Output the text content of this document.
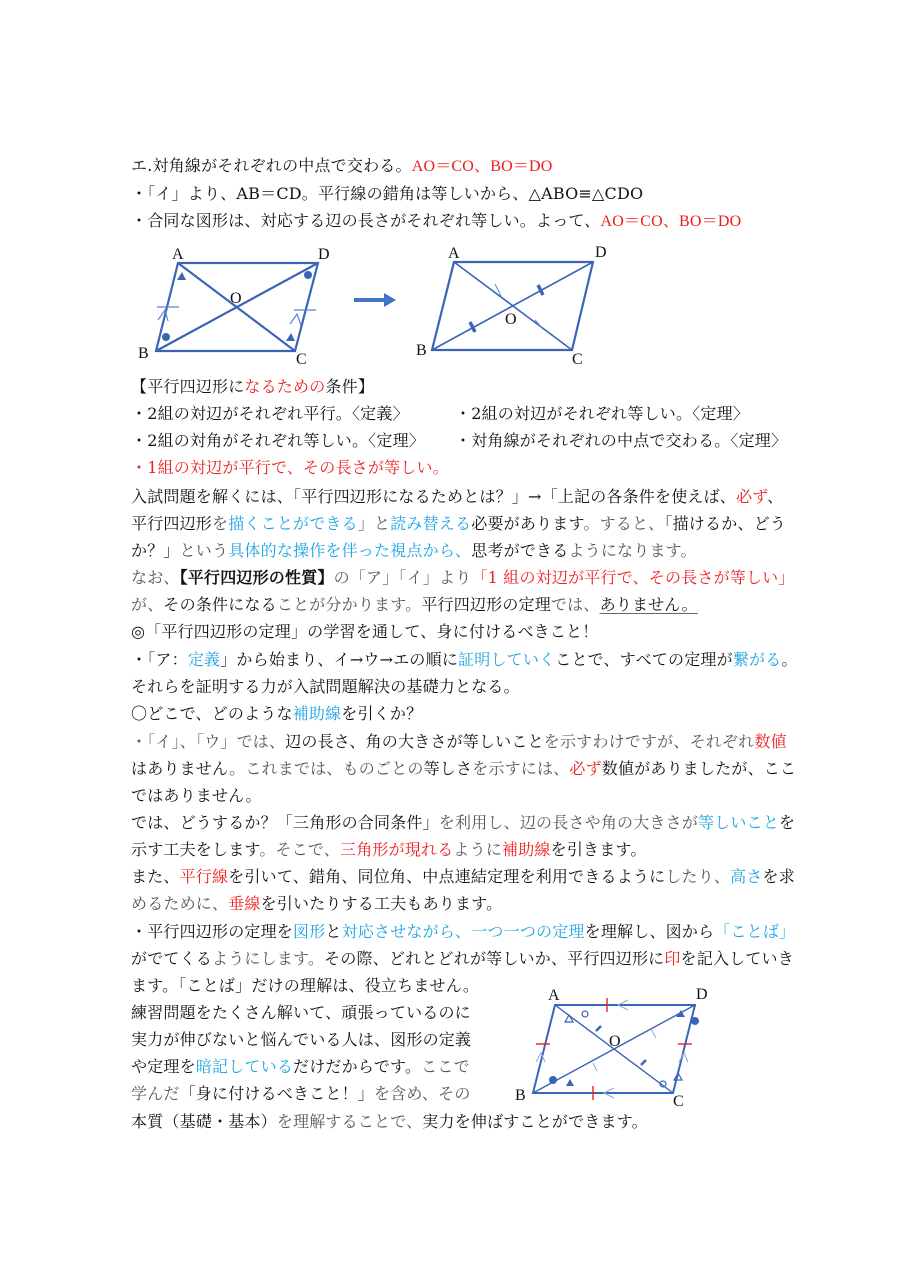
エ.対角線がそれぞれの中点で交わる。AO＝CO、BO＝DO
・「イ」より、AB＝CD。平行線の錯角は等しいから、△ABO≡△CDO
・合同な図形は、対応する辺の長さがそれぞれ等しい。よって、AO＝CO、BO＝DO
A	D
B	C
O
A	D
B
C
O
【平行四辺形になるための条件】
・2組の対辺がそれぞれ平行。〈定義〉	・2組の対辺がそれぞれ等しい。〈定理〉
・2組の対角がそれぞれ等しい。〈定理〉 ・対角線がそれぞれの中点で交わる。〈定理〉
・1組の対辺が平行で、その長さが等しい。
入試問題を解くには、「平行四辺形になるためとは？」→「上記の各条件を使えば、必ず、
平行四辺形を描くことができる」と読み替える必要があります。すると、「描けるか、どう
か？」という具体的な操作を伴った視点から、思考ができるようになります。
なお、【平行四辺形の性質】の「ア」「イ」より「1 組の対辺が平行で、その長さが等しい」
が、その条件になることが分かります。平行四辺形の定理では、ありません。
◎「平行四辺形の定理」の学習を通して、身に付けるべきこと！
・「ア：定義」から始まり、イ→ウ→エの順に証明していくことで、すべての定理が繋がる。
それらを証明する力が入試問題解決の基礎力となる。
〇どこで、どのような補助線を引くか？
・「イ」、「ウ」では、辺の長さ、角の大きさが等しいことを示すわけですが、それぞれ数値
はありません。これまでは、ものごとの等しさを示すには、必ず数値がありましたが、ここ
ではありません。
では、どうするか？「三角形の合同条件」を利用し、辺の長さや角の大きさが等しいことを
示す工夫をします。そこで、三角形が現れるように補助線を引きます。
また、平行線を引いて、錯角、同位角、中点連結定理を利用できるようにしたり、高さを求
めるために、垂線を引いたりする工夫もあります。
・平行四辺形の定理を図形と対応させながら、一つ一つの定理を理解し、図から「ことば」
がでてくるようにします。その際、どれとどれが等しいか、平行四辺形に印を記入していき
ます。「ことば」だけの理解は、役立ちません。
練習問題をたくさん解いて、頑張っているのに
実力が伸びないと悩んでいる人は、図形の定義
や定理を暗記しているだけだからです。ここで
学んだ「身に付けるべきこと！」を含め、その
本質（基礎・基本）を理解することで、実力を伸ばすことができます。
A	D
B	C
O
